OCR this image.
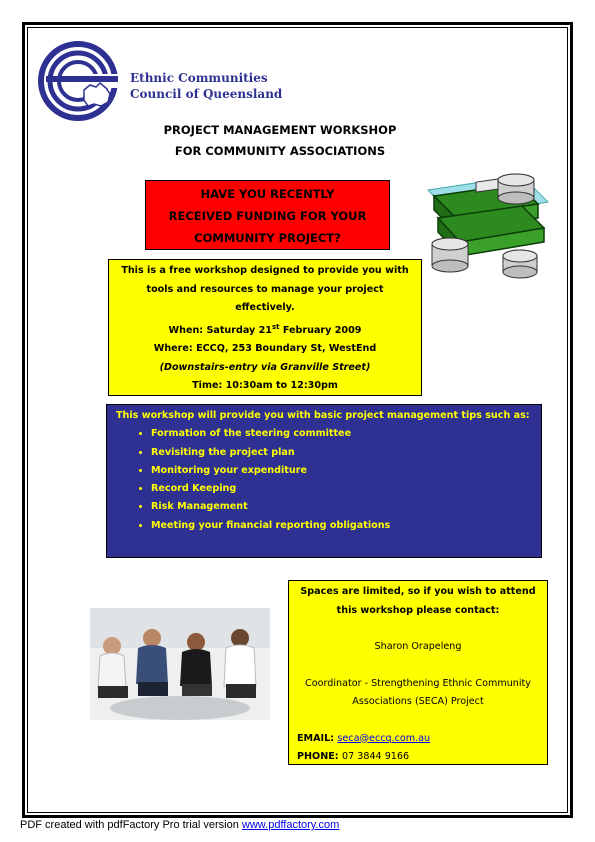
Ethnic Communities
Council of Queensland
PROJECT MANAGEMENT WORKSHOP
FOR COMMUNITY ASSOCIATIONS
HAVE YOU RECENTLY
RECEIVED FUNDING FOR YOUR
COMMUNITY PROJECT?
This is a free workshop designed to provide you with
tools and resources to manage your project
effectively.
When: Saturday 21st February 2009
Where: ECCQ, 253 Boundary St, WestEnd
(Downstairs-entry via Granville Street)
Time: 10:30am to 12:30pm
This workshop will provide you with basic project management tips such as:
• Formation of the steering committee
• Revisiting the project plan
• Monitoring your expenditure
• Record Keeping
• Risk Management
• Meeting your financial reporting obligations
Spaces are limited, so if you wish to attend
this workshop please contact:
Sharon Orapeleng
Coordinator - Strengthening Ethnic Community
Associations (SECA) Project
EMAIL: seca@eccq.com.au
PHONE: 07 3844 9166
PDF created with pdfFactory Pro trial version www.pdffactory.com
